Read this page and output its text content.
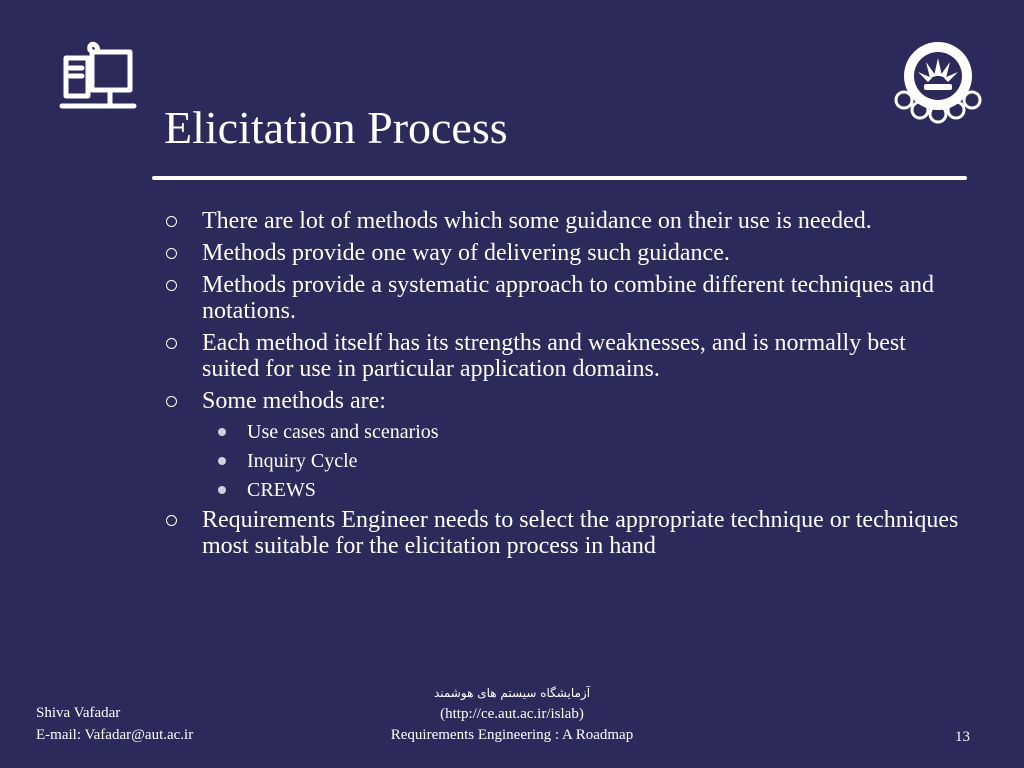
Elicitation Process
There are lot of methods which some guidance on their use is needed.
Methods provide one way of delivering such guidance.
Methods provide a systematic approach to combine different techniques and notations.
Each method itself has its strengths and weaknesses, and is normally best suited for use in particular application domains.
Some methods are:
Use cases and scenarios
Inquiry Cycle
CREWS
Requirements Engineer needs to select the appropriate technique or techniques most suitable for the elicitation process in hand
Shiva Vafadar
E-mail: Vafadar@aut.ac.ir
آزمایشگاه سیستم های هوشمند
(http://ce.aut.ac.ir/islab)
Requirements Engineering : A Roadmap	13
